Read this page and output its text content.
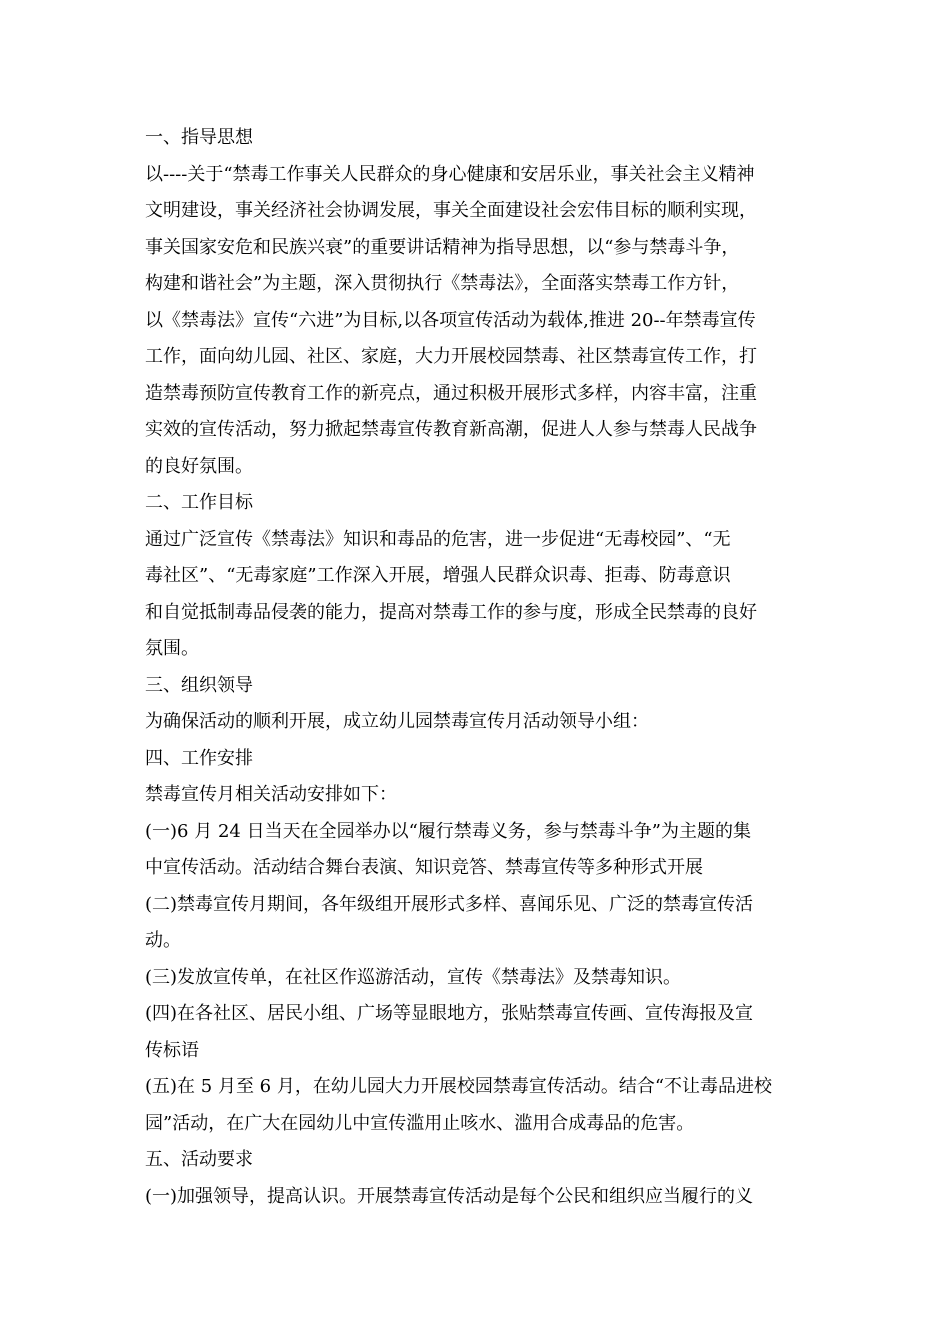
一、指导思想
以----关于“禁毒工作事关人民群众的身心健康和安居乐业，事关社会主义精神
文明建设，事关经济社会协调发展，事关全面建设社会宏伟目标的顺利实现，
事关国家安危和民族兴衰”的重要讲话精神为指导思想，以“参与禁毒斗争，
构建和谐社会”为主题，深入贯彻执行《禁毒法》，全面落实禁毒工作方针，
以《禁毒法》宣传“六进”为目标,以各项宣传活动为载体,推进 20--年禁毒宣传
工作，面向幼儿园、社区、家庭，大力开展校园禁毒、社区禁毒宣传工作，打
造禁毒预防宣传教育工作的新亮点，通过积极开展形式多样，内容丰富，注重
实效的宣传活动，努力掀起禁毒宣传教育新高潮，促进人人参与禁毒人民战争
的良好氛围。
二、工作目标
通过广泛宣传《禁毒法》知识和毒品的危害，进一步促进“无毒校园”、“无
毒社区”、“无毒家庭”工作深入开展，增强人民群众识毒、拒毒、防毒意识
和自觉抵制毒品侵袭的能力，提高对禁毒工作的参与度，形成全民禁毒的良好
氛围。
三、组织领导
为确保活动的顺利开展，成立幼儿园禁毒宣传月活动领导小组：
四、工作安排
禁毒宣传月相关活动安排如下：
(一)6 月 24 日当天在全园举办以“履行禁毒义务，参与禁毒斗争”为主题的集
中宣传活动。活动结合舞台表演、知识竞答、禁毒宣传等多种形式开展
(二)禁毒宣传月期间，各年级组开展形式多样、喜闻乐见、广泛的禁毒宣传活
动。
(三)发放宣传单，在社区作巡游活动，宣传《禁毒法》及禁毒知识。
(四)在各社区、居民小组、广场等显眼地方，张贴禁毒宣传画、宣传海报及宣
传标语
(五)在 5 月至 6 月，在幼儿园大力开展校园禁毒宣传活动。结合“不让毒品进校
园”活动，在广大在园幼儿中宣传滥用止咳水、滥用合成毒品的危害。
五、活动要求
(一)加强领导，提高认识。开展禁毒宣传活动是每个公民和组织应当履行的义
